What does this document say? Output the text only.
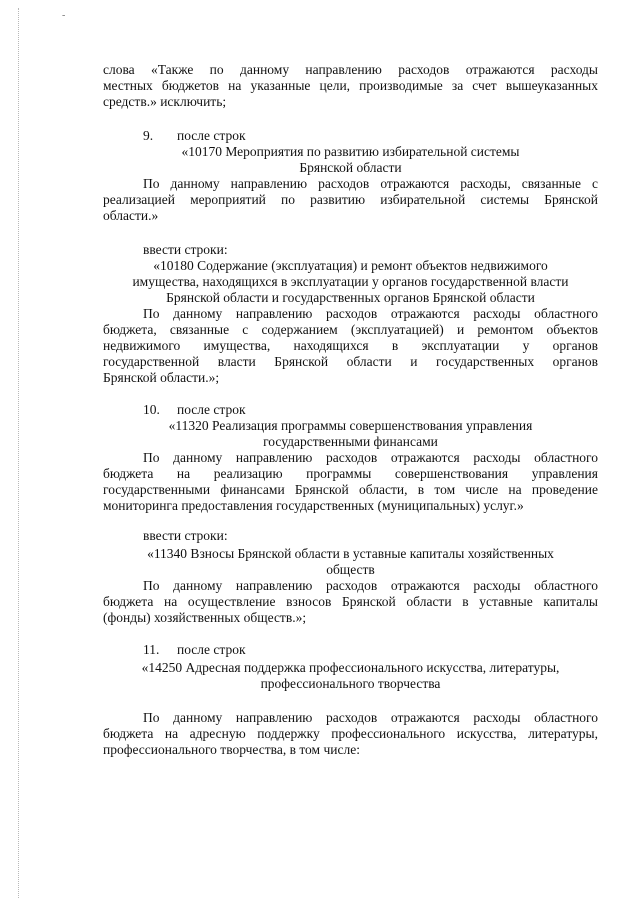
-
слова «Также по данному направлению расходов отражаются расходы
местных бюджетов на указанные цели, производимые за счет вышеуказанных
средств.» исключить;
9. после строк
«10170 Мероприятия по развитию избирательной системы
Брянской области
По данному направлению расходов отражаются расходы, связанные с
реализацией мероприятий по развитию избирательной системы Брянской
области.»
ввести строки:
«10180 Содержание (эксплуатация) и ремонт объектов недвижимого
имущества, находящихся в эксплуатации у органов государственной власти
Брянской области и государственных органов Брянской области
По данному направлению расходов отражаются расходы областного
бюджета, связанные с содержанием (эксплуатацией) и ремонтом объектов
недвижимого имущества, находящихся в эксплуатации у органов
государственной власти Брянской области и государственных органов
Брянской области.»;
10. после строк
«11320 Реализация программы совершенствования управления
государственными финансами
По данному направлению расходов отражаются расходы областного
бюджета на реализацию программы совершенствования управления
государственными финансами Брянской области, в том числе на проведение
мониторинга предоставления государственных (муниципальных) услуг.»
ввести строки:
«11340 Взносы Брянской области в уставные капиталы хозяйственных
обществ
По данному направлению расходов отражаются расходы областного
бюджета на осуществление взносов Брянской области в уставные капиталы
(фонды) хозяйственных обществ.»;
11. после строк
«14250 Адресная поддержка профессионального искусства, литературы,
профессионального творчества
По данному направлению расходов отражаются расходы областного
бюджета на адресную поддержку профессионального искусства, литературы,
профессионального творчества, в том числе:
